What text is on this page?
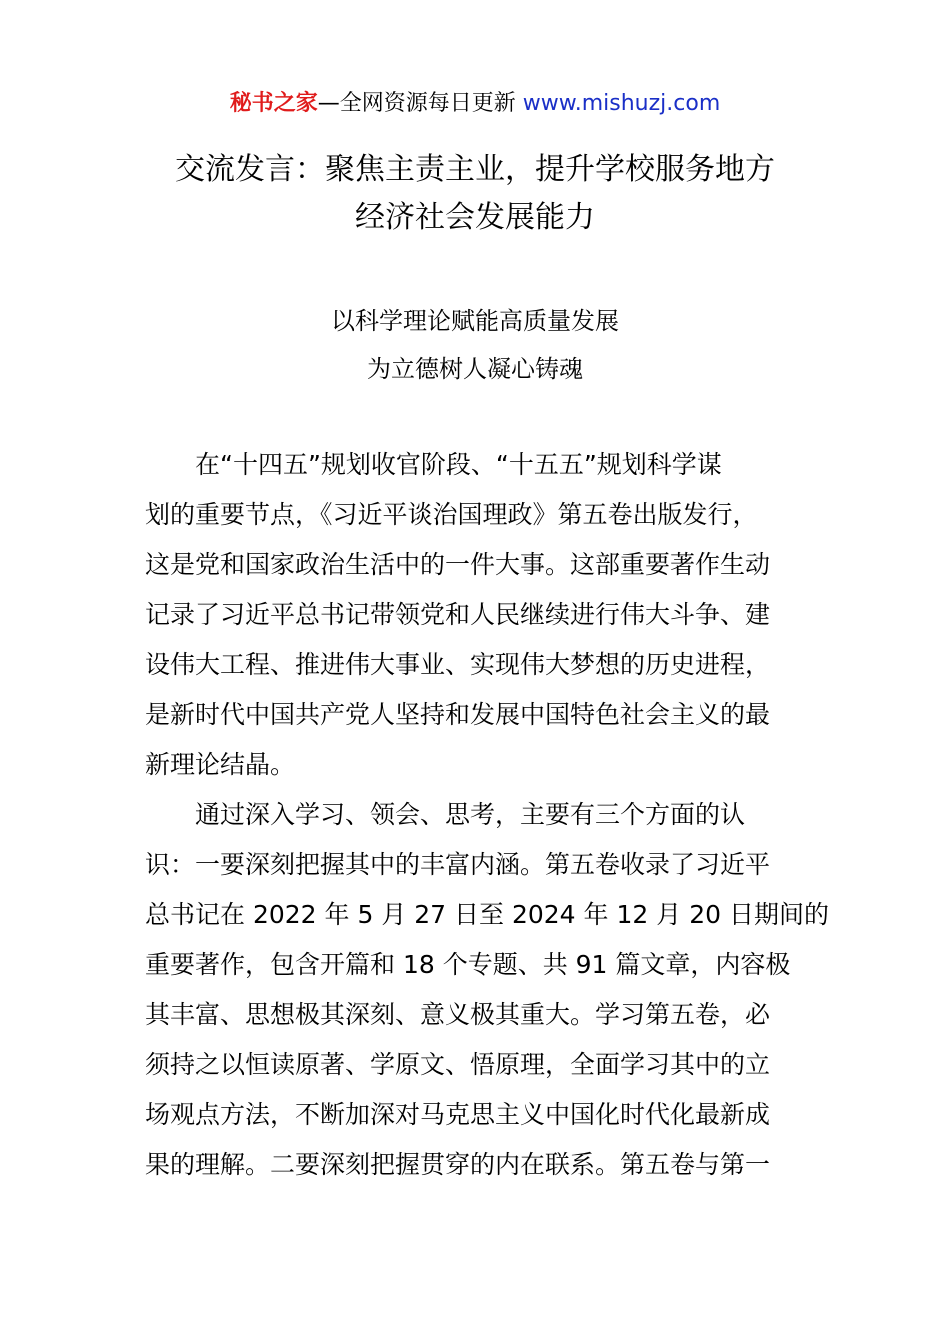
秘书之家—全网资源每日更新 www.mishuzj.com
交流发言：聚焦主责主业，提升学校服务地方
经济社会发展能力
以科学理论赋能高质量发展
为立德树人凝心铸魂
在“十四五”规划收官阶段、“十五五”规划科学谋
划的重要节点，《习近平谈治国理政》第五卷出版发行，
这是党和国家政治生活中的一件大事。这部重要著作生动
记录了习近平总书记带领党和人民继续进行伟大斗争、建
设伟大工程、推进伟大事业、实现伟大梦想的历史进程，
是新时代中国共产党人坚持和发展中国特色社会主义的最
新理论结晶。
通过深入学习、领会、思考，主要有三个方面的认
识：一要深刻把握其中的丰富内涵。第五卷收录了习近平
总书记在 2022 年 5 月 27 日至 2024 年 12 月 20 日期间的
重要著作，包含开篇和 18 个专题、共 91 篇文章，内容极
其丰富、思想极其深刻、意义极其重大。学习第五卷，必
须持之以恒读原著、学原文、悟原理，全面学习其中的立
场观点方法，不断加深对马克思主义中国化时代化最新成
果的理解。二要深刻把握贯穿的内在联系。第五卷与第一
